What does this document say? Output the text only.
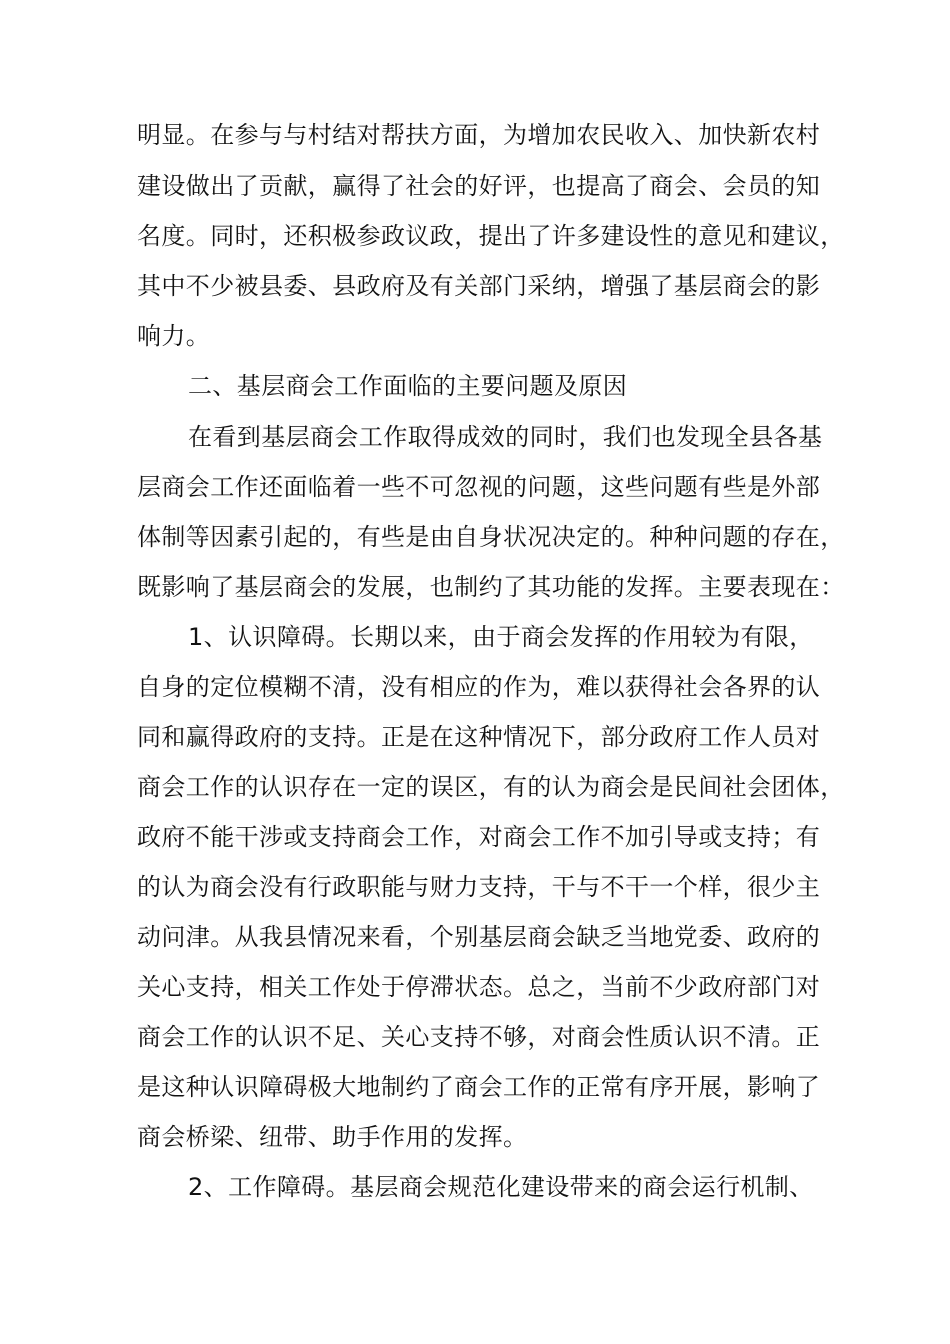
明显。在参与与村结对帮扶方面，为增加农民收入、加快新农村
建设做出了贡献，赢得了社会的好评，也提高了商会、会员的知
名度。同时，还积极参政议政，提出了许多建设性的意见和建议，
其中不少被县委、县政府及有关部门采纳，增强了基层商会的影
响力。
二、基层商会工作面临的主要问题及原因
在看到基层商会工作取得成效的同时，我们也发现全县各基
层商会工作还面临着一些不可忽视的问题，这些问题有些是外部
体制等因素引起的，有些是由自身状况决定的。种种问题的存在，
既影响了基层商会的发展，也制约了其功能的发挥。主要表现在：
1、认识障碍。长期以来，由于商会发挥的作用较为有限，
自身的定位模糊不清，没有相应的作为，难以获得社会各界的认
同和赢得政府的支持。正是在这种情况下，部分政府工作人员对
商会工作的认识存在一定的误区，有的认为商会是民间社会团体，
政府不能干涉或支持商会工作，对商会工作不加引导或支持；有
的认为商会没有行政职能与财力支持，干与不干一个样，很少主
动问津。从我县情况来看，个别基层商会缺乏当地党委、政府的
关心支持，相关工作处于停滞状态。总之，当前不少政府部门对
商会工作的认识不足、关心支持不够，对商会性质认识不清。正
是这种认识障碍极大地制约了商会工作的正常有序开展，影响了
商会桥梁、纽带、助手作用的发挥。
2、工作障碍。基层商会规范化建设带来的商会运行机制、
